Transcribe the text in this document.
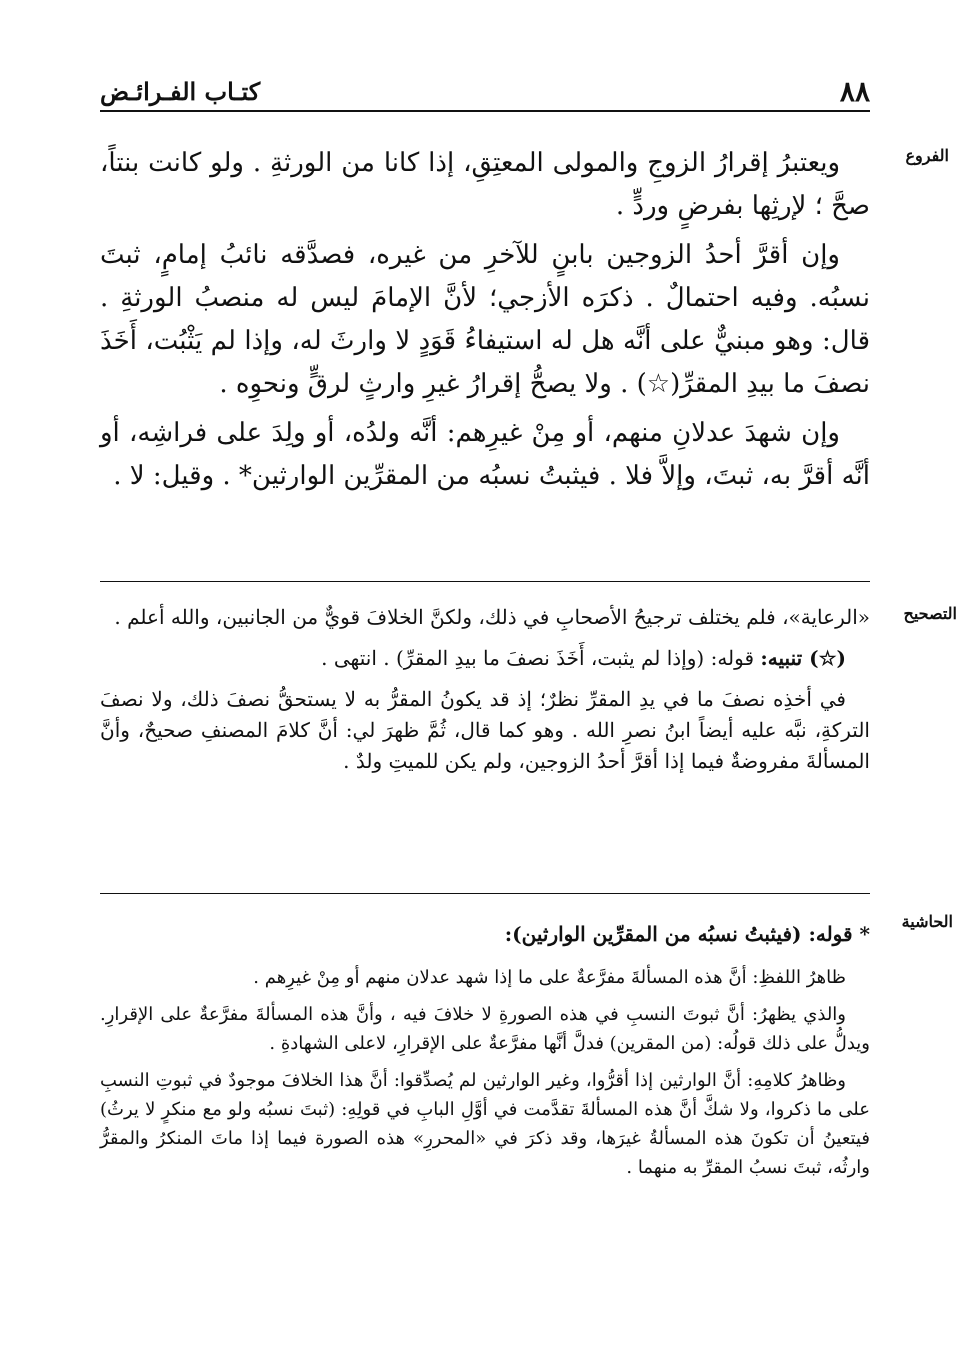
٨٨
كتـاب الفـرائـض
الفروع
التصحيح
الحاشية

ويعتبرُ إقرارُ الزوجِ والمولى المعتِقِ، إذا كانا من الورثةِ . ولو كانت بنتاً، صحَّ ؛ لإرثِها بفرضٍ وردٍّ .

وإن أقرَّ أحدُ الزوجين بابنٍ للآخرِ من غيره، فصدَّقه نائبُ إمامٍ، ثبتَ نسبُه. وفيه احتمالٌ . ذكرَه الأزجي؛ لأنَّ الإمامَ ليس له منصبُ الورثةِ . قال: وهو مبنيٌّ على أنَّه هل له استيفاءُ قَوَدٍ لا وارثَ له، وإذا لم يَثْبُت، أَخَذَ نصفَ ما بيدِ المقرِّ(☆) . ولا يصحُّ إقرارُ غيرِ وارثٍ لرقٍّ ونحوِه .

وإن شهدَ عدلانِ منهم، أو مِنْ غيرِهم: أنَّه ولدُه، أو ولِدَ على فراشِه، أو أنَّه أقرَّ به، ثبتَ، وإلاَّ فلا . فيثبتُ نسبُه من المقرِّين الوارثين* . وقيل: لا .

«الرعاية»، فلم يختلف ترجيحُ الأصحابِ في ذلك، ولكنَّ الخلافَ قويٌّ من الجانبين، والله أعلم .

(☆) تنبيه: قوله: (وإذا لم يثبت، أَخَذَ نصفَ ما بيدِ المقرِّ) . انتهى .

في أخذِه نصفَ ما في يدِ المقرِّ نظرٌ؛ إذ قد يكونُ المقرُّ به لا يستحقُّ نصفَ ذلك، ولا نصفَ التركةِ، نبَّه عليه أيضاً ابنُ نصرِ الله . وهو كما قال، ثُمَّ ظهرَ لي: أنَّ كلامَ المصنفِ صحيحٌ، وأنَّ المسألةَ مفروضةٌ فيما إذا أقرَّ أحدُ الزوجين، ولم يكن للميتِ ولدٌ .

* قوله: (فيثبتُ نسبُه من المقرِّين الوارثين):

ظاهرُ اللفظِ: أنَّ هذه المسألةَ مفرَّعةٌ على ما إذا شهد عدلان منهم أو مِنْ غيرِهم .

والذي يظهرُ: أنَّ ثبوتَ النسبِ في هذه الصورةِ لا خلافَ فيه ، وأنَّ هذه المسألةَ مفرَّعةٌ على الإقرارِ. ويدلُّ على ذلك قولُه: (من المقرين) فدلَّ أنَّها مفرَّعةٌ على الإقرارِ، لاعلى الشهادةِ .

وظاهرُ كلامِهِ: أنَّ الوارثين إذا أقرُّوا، وغير الوارثين لم يُصدِّقوا: أنَّ هذا الخلافَ موجودٌ في ثبوتِ النسبِ على ما ذكروا، ولا شكَّ أنَّ هذه المسألةَ تقدَّمت في أوَّلِ البابِ في قولِهِ: (ثبتَ نسبُه ولو مع منكرٍ لا يرثُ) فيتعينُ أن تكونَ هذه المسألةُ غيرَها، وقد ذكرَ في «المحررِ» هذه الصورة فيما إذا ماتَ المنكرُ والمقرُّ وارثُه، ثبتَ نسبُ المقرِّ به منهما .
